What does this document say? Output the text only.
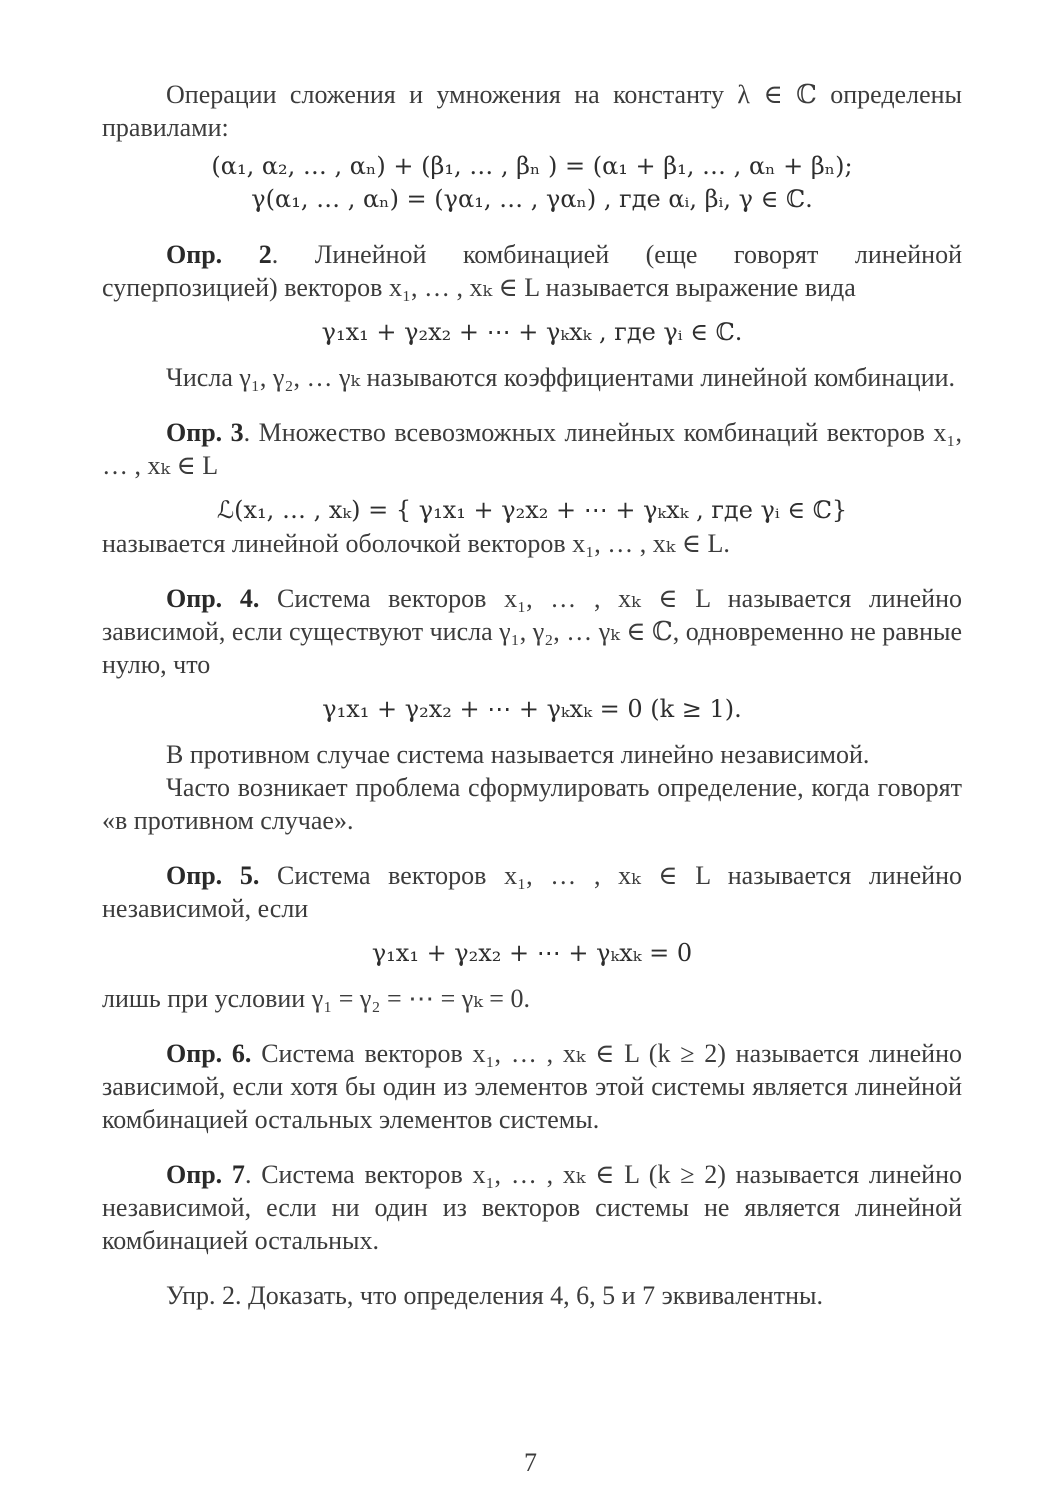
Операции сложения и умножения на константу λ ∈ ℂ определены правилами:

(α₁, α₂, … , αₙ) + (β₁, … , βₙ ) = (α₁ + β₁, … , αₙ + βₙ);

γ(α₁, … , αₙ) = (γα₁, … , γαₙ) , где αᵢ, βᵢ, γ ∈ ℂ.

Опр. 2. Линейной комбинацией (еще говорят линейной суперпозицией) векторов x₁, … , xₖ ∈ L называется выражение вида

γ₁x₁ + γ₂x₂ + ⋯ + γₖxₖ , где γᵢ ∈ ℂ.

Числа γ₁, γ₂, … γₖ называются коэффициентами линейной комбинации.

Опр. 3. Множество всевозможных линейных комбинаций векторов x₁, … , xₖ ∈ L

ℒ(x₁, … , xₖ) = { γ₁x₁ + γ₂x₂ + ⋯ + γₖxₖ , где γᵢ ∈ ℂ}

называется линейной оболочкой векторов x₁, … , xₖ ∈ L.

Опр. 4. Система векторов x₁, … , xₖ ∈ L называется линейно зависимой, если существуют числа γ₁, γ₂, … γₖ ∈ ℂ, одновременно не равные нулю, что

γ₁x₁ + γ₂x₂ + ⋯ + γₖxₖ = 0 (k ≥ 1).

В противном случае система называется линейно независимой.

Часто возникает проблема сформулировать определение, когда говорят «в противном случае».

Опр. 5. Система векторов x₁, … , xₖ ∈ L называется линейно независимой, если

γ₁x₁ + γ₂x₂ + ⋯ + γₖxₖ = 0

лишь при условии γ₁ = γ₂ = ⋯ = γₖ = 0.

Опр. 6. Система векторов x₁, … , xₖ ∈ L (k ≥ 2) называется линейно зависимой, если хотя бы один из элементов этой системы является линейной комбинацией остальных элементов системы.

Опр. 7. Система векторов x₁, … , xₖ ∈ L (k ≥ 2) называется линейно независимой, если ни один из векторов системы не является линейной комбинацией остальных.

Упр. 2. Доказать, что определения 4, 6, 5 и 7 эквивалентны.

7
